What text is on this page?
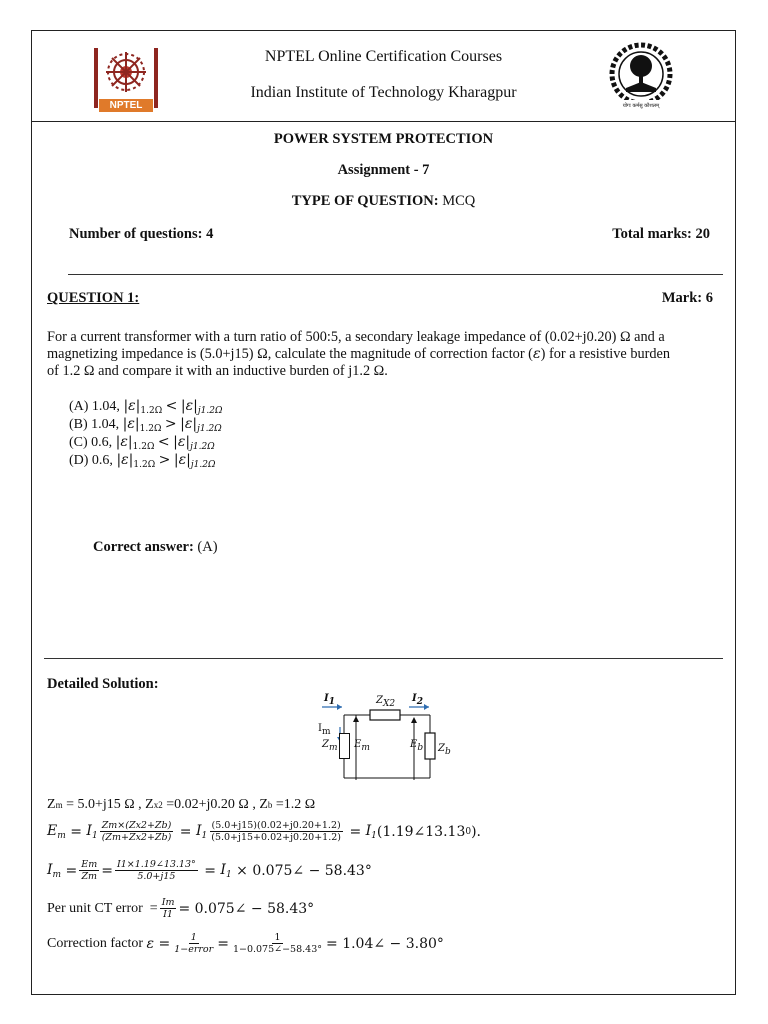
NPTEL
NPTEL Online Certification Courses
Indian Institute of Technology Kharagpur
योगः कर्मसु कौशलम्
POWER SYSTEM PROTECTION
Assignment - 7
TYPE OF QUESTION: MCQ
Number of questions: 4	Total marks: 20
QUESTION 1:	Mark: 6
For a current transformer with a turn ratio of 500:5, a secondary leakage impedance of (0.02+j0.20) Ω and a
magnetizing impedance is (5.0+j15) Ω, calculate the magnitude of correction factor (ε) for a resistive burden
of 1.2 Ω and compare it with an inductive burden of j1.2 Ω.
(A) 1.04, $|\varepsilon|_{1.2\Omega} < |\varepsilon|_{j1.2\Omega}$
(B) 1.04, $|\varepsilon|_{1.2\Omega} > |\varepsilon|_{j1.2\Omega}$
(C) 0.6, $|\varepsilon|_{1.2\Omega} < |\varepsilon|_{j1.2\Omega}$
(D) 0.6, $|\varepsilon|_{1.2\Omega} > |\varepsilon|_{j1.2\Omega}$
Correct answer: (A)
Detailed Solution:
I1	ZX2 I2
Im
Zm Em	Eb Zb
Z m = 5.0+j15 Ω , Z x2 =0.02+j0.20 Ω , Z b =1.2 Ω
$E_m = I_1 \frac{Zm\times(Zx2+Zb)}{(Zm+Zx2+Zb)} = I_1 \frac{(5.0+j15)(0.02+j0.20+1.2)}{(5.0+j15+0.02+j0.20+1.2)} = I_1$ (1.19∠13.13 0 ).
$I_m = \frac{Em}{Zm} = \frac{I1\times 1.19\angle 13.13^\circ}{5.0+j15} = I_1$ × 0.075∠ − 58.43°
Per unit CT error  = $\frac{Im}{I1}$ = 0.075∠ − 58.43°
Correction factor
$\varepsilon = \frac{1}{\text{1−error}} = \frac{1}{1-0.075\angle-58.43^\circ}$ = 1.04∠ − 3.80°
